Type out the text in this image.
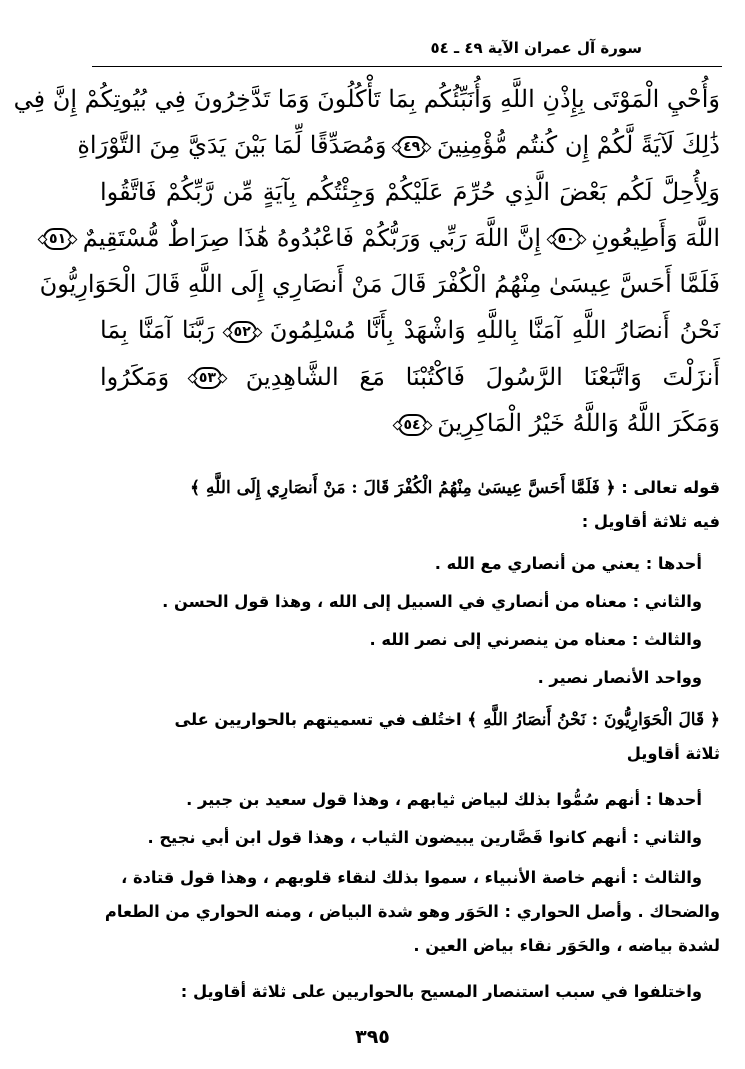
سورة آل عمران الآية ٤٩ ـ ٥٤
وَأُحْيِ الْمَوْتَى بِإِذْنِ اللَّهِ وَأُنَبِّئُكُم بِمَا تَأْكُلُونَ وَمَا تَدَّخِرُونَ فِي بُيُوتِكُمْ إِنَّ فِي
ذَٰلِكَ لَآيَةً لَّكُمْ إِن كُنتُم مُّؤْمِنِينَ ٤٩ وَمُصَدِّقًا لِّمَا بَيْنَ يَدَيَّ مِنَ التَّوْرَاةِ
وَلِأُحِلَّ لَكُم بَعْضَ الَّذِي حُرِّمَ عَلَيْكُمْ وَجِئْتُكُم بِآيَةٍ مِّن رَّبِّكُمْ فَاتَّقُوا
اللَّهَ وَأَطِيعُونِ ٥٠ إِنَّ اللَّهَ رَبِّي وَرَبُّكُمْ فَاعْبُدُوهُ هَٰذَا صِرَاطٌ مُّسْتَقِيمٌ ٥١
فَلَمَّا أَحَسَّ عِيسَىٰ مِنْهُمُ الْكُفْرَ قَالَ مَنْ أَنصَارِي إِلَى اللَّهِ قَالَ الْحَوَارِيُّونَ
نَحْنُ أَنصَارُ اللَّهِ آمَنَّا بِاللَّهِ وَاشْهَدْ بِأَنَّا مُسْلِمُونَ ٥٢ رَبَّنَا آمَنَّا بِمَا
أَنزَلْتَ وَاتَّبَعْنَا الرَّسُولَ فَاكْتُبْنَا مَعَ الشَّاهِدِينَ ٥٣ وَمَكَرُوا
وَمَكَرَ اللَّهُ وَاللَّهُ خَيْرُ الْمَاكِرِينَ ٥٤
قوله تعالى : ﴿ فَلَمَّا أَحَسَّ عِيسَىٰ مِنْهُمُ الْكُفْرَ قَالَ : مَنْ أَنصَارِي إِلَى اللَّهِ ﴾
فيه ثلاثة أقاويل :
أحدها : يعني من أنصاري مع الله .
والثاني : معناه من أنصاري في السبيل إلى الله ، وهذا قول الحسن .
والثالث : معناه من ينصرني إلى نصر الله .
وواحد الأنصار نصير .
﴿ قَالَ الْحَوَارِيُّونَ : نَحْنُ أَنصَارُ اللَّهِ ﴾ اختُلف في تسميتهم بالحواريين على
ثلاثة أقاويل
أحدها : أنهم سُمُّوا بذلك لبياض ثيابهم ، وهذا قول سعيد بن جبير .
والثاني : أنهم كانوا قَصَّارين يبيضون الثياب ، وهذا قول ابن أبي نجيح .
والثالث : أنهم خاصة الأنبياء ، سموا بذلك لنقاء قلوبهم ، وهذا قول قتادة ،
والضحاك . وأصل الحواري : الحَوَر وهو شدة البياض ، ومنه الحواري من الطعام
لشدة بياضه ، والحَوَر نقاء بياض العين .
واختلفوا في سبب استنصار المسيح بالحواريين على ثلاثة أقاويل :
٣٩٥
